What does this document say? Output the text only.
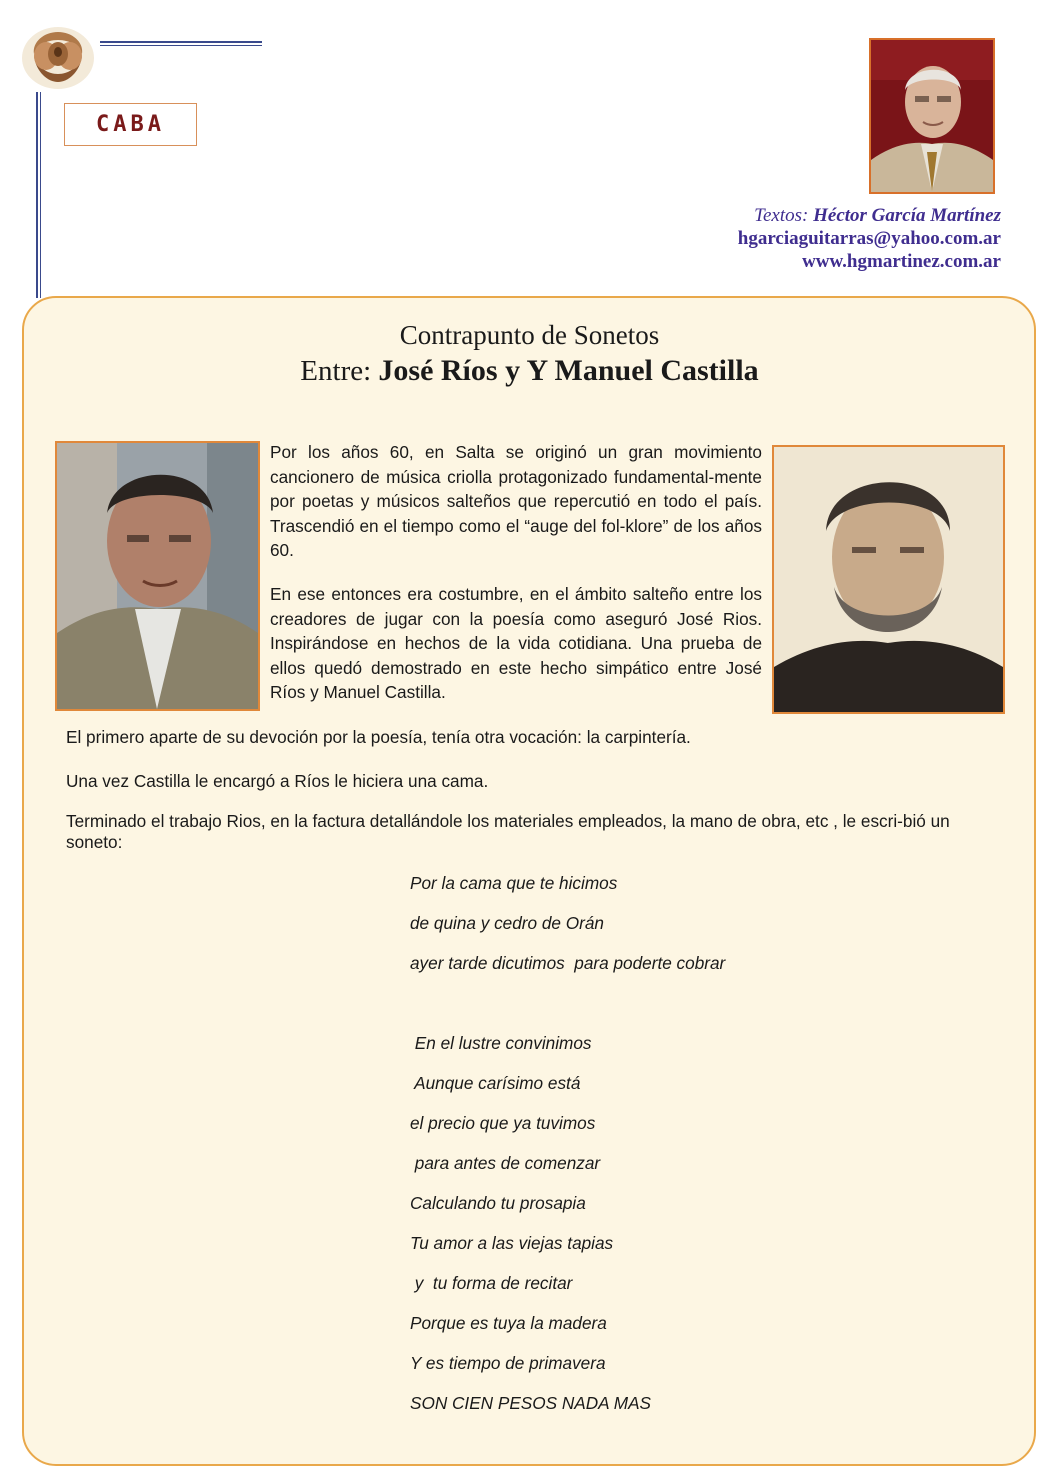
CABA
Textos: Héctor García Martínez
hgarciaguitarras@yahoo.com.ar
www.hgmartinez.com.ar
Contrapunto de Sonetos
Entre: José Ríos y Y Manuel Castilla

Por los años 60, en Salta se originó un gran movimiento cancionero de música criolla protagonizado fundamental-mente por poetas y músicos salteños que repercutió en todo el país. Trascendió en el tiempo como el “auge del fol-klore” de los años 60.

En ese entonces era costumbre, en el ámbito salteño entre los creadores de jugar con la poesía como aseguró José Rios. Inspirándose en hechos de la vida cotidiana. Una prueba de ellos quedó demostrado en este hecho simpático entre José Ríos y Manuel Castilla.

El primero aparte de su devoción por la poesía, tenía otra vocación: la carpintería.

Una vez Castilla le encargó a Ríos le hiciera una cama.

Terminado el trabajo Rios, en la factura detallándole los materiales empleados, la mano de obra, etc , le escri-bió un soneto:

Por la cama que te hicimos

de quina y cedro de Orán

ayer tarde dicutimos  para poderte cobrar

En el lustre convinimos

Aunque carísimo está

el precio que ya tuvimos

para antes de comenzar

Calculando tu prosapia

Tu amor a las viejas tapias

y  tu forma de recitar

Porque es tuya la madera

Y es tiempo de primavera

SON CIEN PESOS NADA MAS
